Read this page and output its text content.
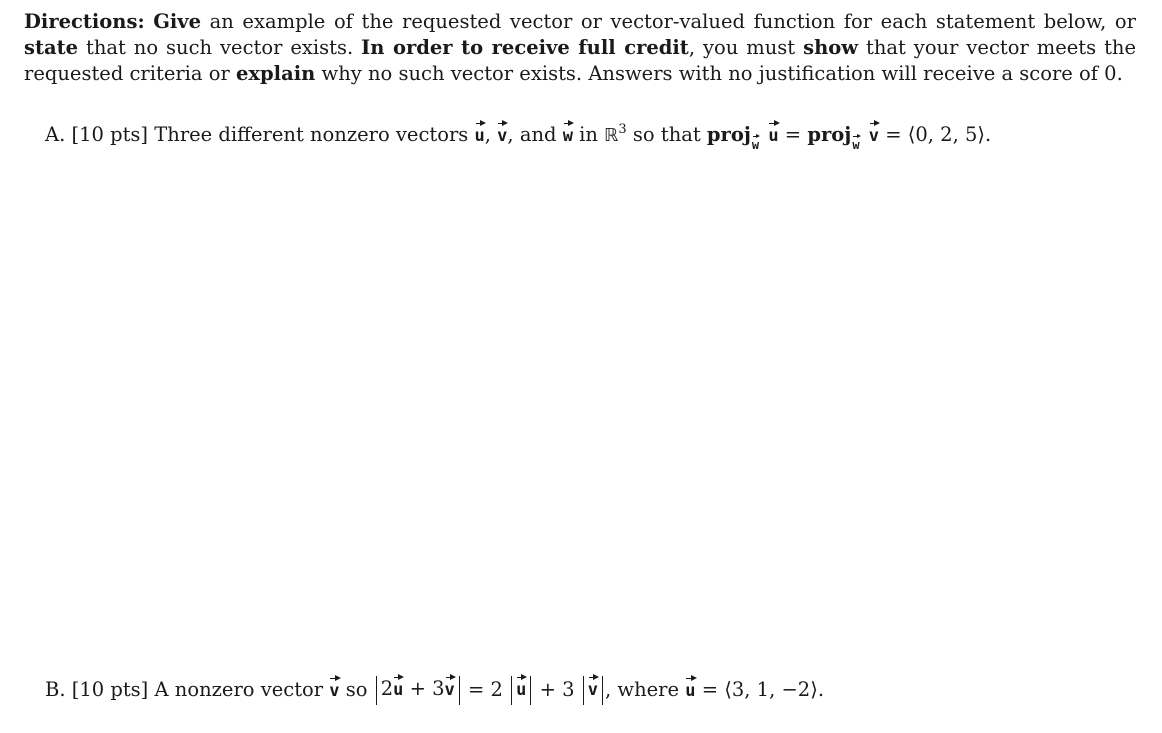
Directions: Give an example of the requested vector or vector-valued function for each statement below, or state that no such vector exists. In order to receive full credit, you must show that your vector meets the requested criteria or explain why no such vector exists. Answers with no justification will receive a score of 0.
A. [10 pts] Three different nonzero vectors u, v, and w in ℝ$^3$ so that projw u = projw v = ⟨0, 2, 5⟩.
B. [10 pts] A nonzero vector v so 2u + 3v = 2 u + 3 v , where u = ⟨3, 1, −2⟩.
